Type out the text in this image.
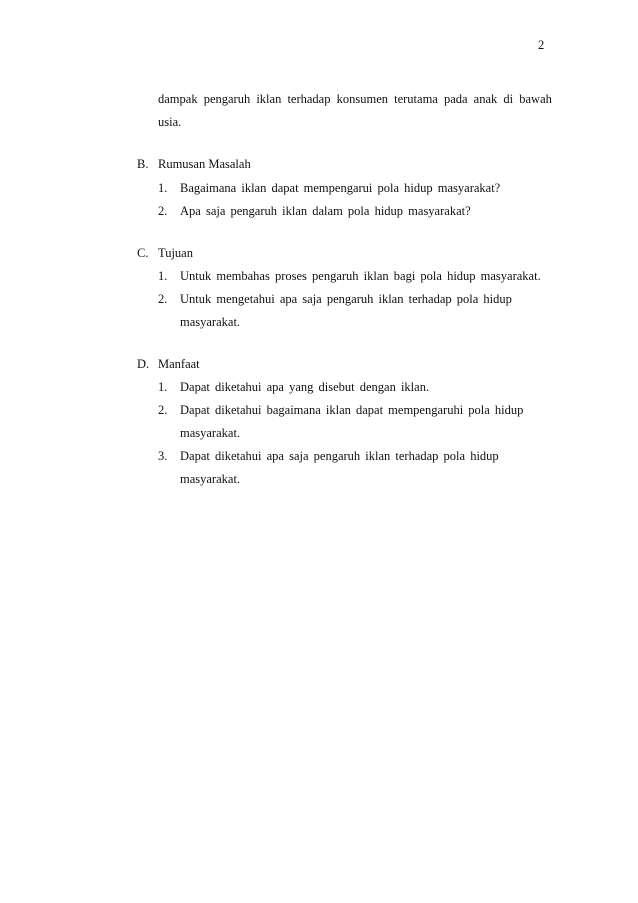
2
dampak pengaruh iklan terhadap konsumen terutama pada anak di bawah
usia.
B. Rumusan Masalah
1. Bagaimana iklan dapat mempengarui pola hidup masyarakat?
2. Apa saja pengaruh iklan dalam pola hidup masyarakat?
C. Tujuan
1. Untuk membahas proses pengaruh iklan bagi pola hidup masyarakat.
2. Untuk mengetahui apa saja pengaruh iklan terhadap pola hidup
masyarakat.
D. Manfaat
1. Dapat diketahui apa yang disebut dengan iklan.
2. Dapat diketahui bagaimana iklan dapat mempengaruhi pola hidup
masyarakat.
3. Dapat diketahui apa saja pengaruh iklan terhadap pola hidup
masyarakat.
